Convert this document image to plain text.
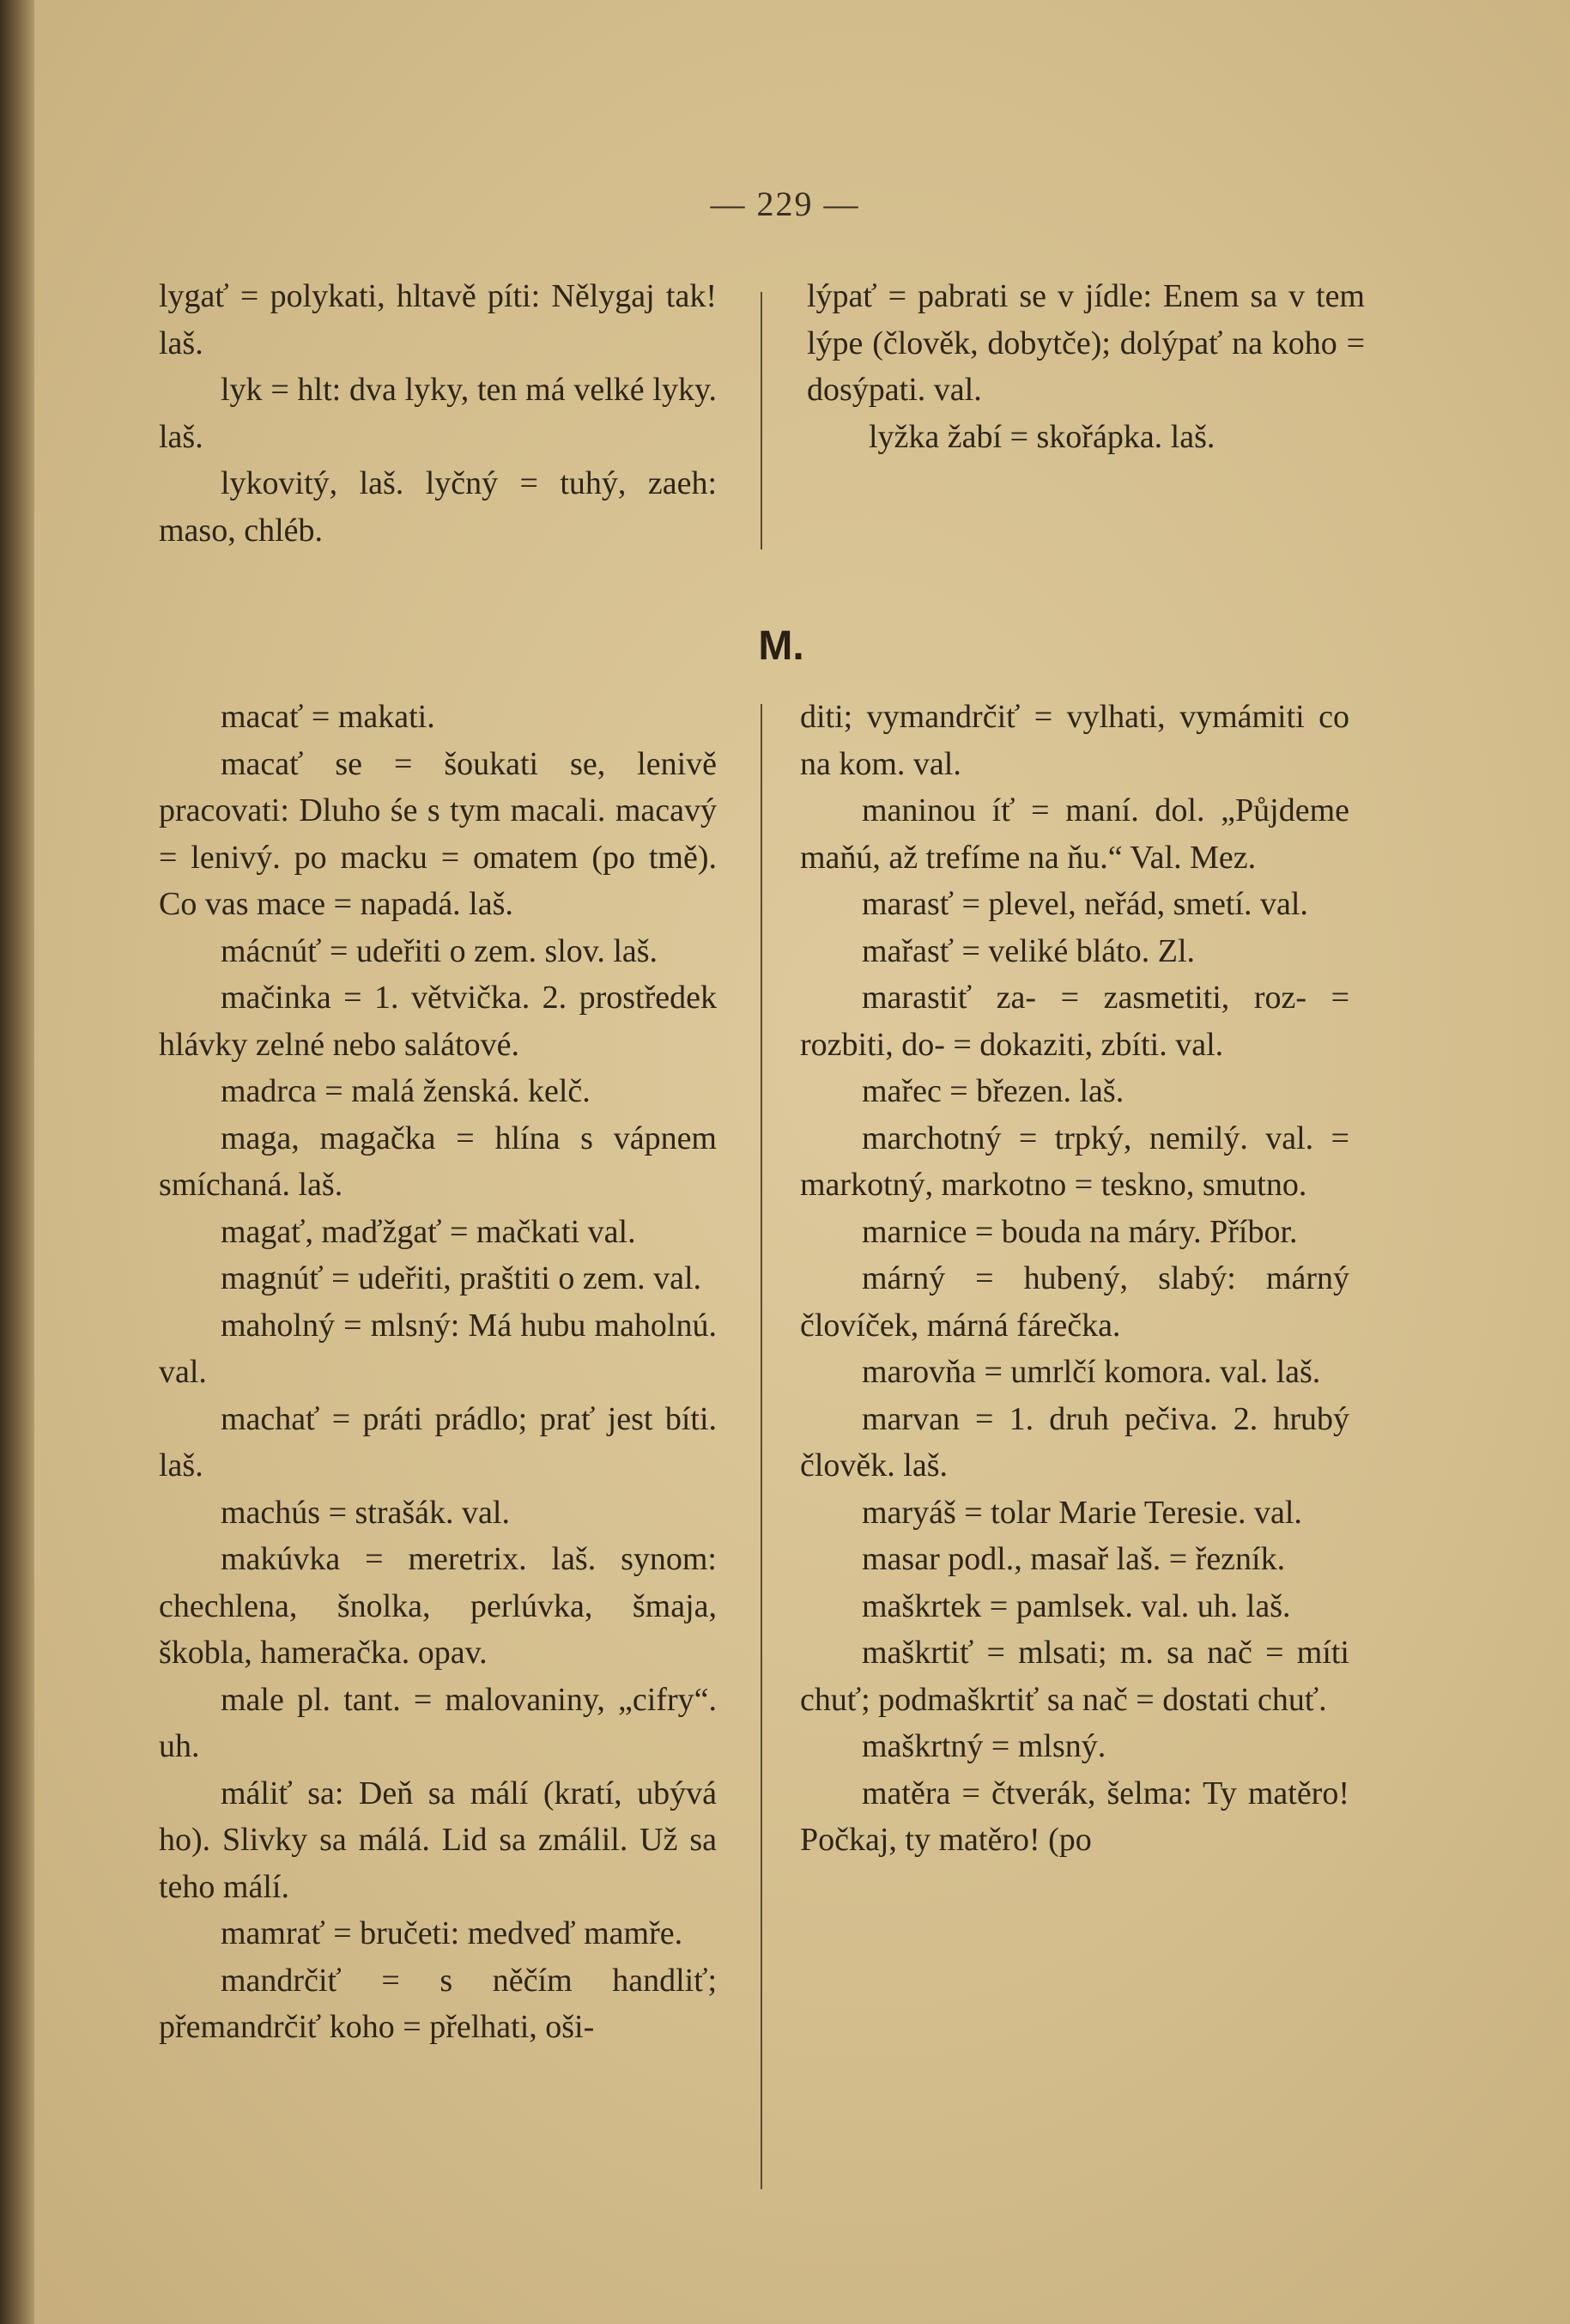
— 229 —

lygať = polykati, hltavě píti: Nělygaj tak! laš.

lyk = hlt: dva lyky, ten má velké lyky. laš.

lykovitý, laš. lyčný = tuhý, zaeh: maso, chléb.

lýpať = pabrati se v jídle: Enem sa v tem lýpe (člověk, dobytče); dolýpať na koho = dosýpati. val.

lyžka žabí = skořápka. laš.

M.

macať = makati.

macať se = šoukati se, lenivě pracovati: Dluho śe s tym macali. macavý = lenivý. po macku = omatem (po tmě). Co vas mace = napadá. laš.

mácnúť = udeřiti o zem. slov. laš.

mačinka = 1. větvička. 2. prostředek hlávky zelné nebo salátové.

madrca = malá ženská. kelč.

maga, magačka = hlína s vápnem smíchaná. laš.

magať, maďžgať = mačkati val.

magnúť = udeřiti, praštiti o zem. val.

maholný = mlsný: Má hubu maholnú. val.

machať = práti prádlo; prať jest bíti. laš.

machús = strašák. val.

makúvka = meretrix. laš. synom: chechlena, šnolka, perlúvka, šmaja, škobla, hameračka. opav.

male pl. tant. = malovaniny, „cifry“. uh.

máliť sa: Deň sa málí (kratí, ubývá ho). Slivky sa málá. Lid sa zmálil. Už sa teho málí.

mamrať = bručeti: medveď mamře.

mandrčiť = s něčím handliť; přemandrčiť koho = přelhati, oši-

diti; vymandrčiť = vylhati, vymámiti co na kom. val.

maninou íť = maní. dol. „Půjdeme maňú, až trefíme na ňu.“ Val. Mez.

marasť = plevel, neřád, smetí. val.

mařasť = veliké bláto. Zl.

marastiť za- = zasmetiti, roz- = rozbiti, do- = dokaziti, zbíti. val.

mařec = březen. laš.

marchotný = trpký, nemilý. val. = markotný, markotno = teskno, smutno.

marnice = bouda na máry. Příbor.

márný = hubený, slabý: márný človíček, márná fárečka.

marovňa = umrlčí komora. val. laš.

marvan = 1. druh pečiva. 2. hrubý člověk. laš.

maryáš = tolar Marie Teresie. val.

masar podl., masař laš. = řezník.

maškrtek = pamlsek. val. uh. laš.

maškrtiť = mlsati; m. sa nač = míti chuť; podmaškrtiť sa nač = dostati chuť.

maškrtný = mlsný.

matěra = čtverák, šelma: Ty matěro! Počkaj, ty matěro! (po
